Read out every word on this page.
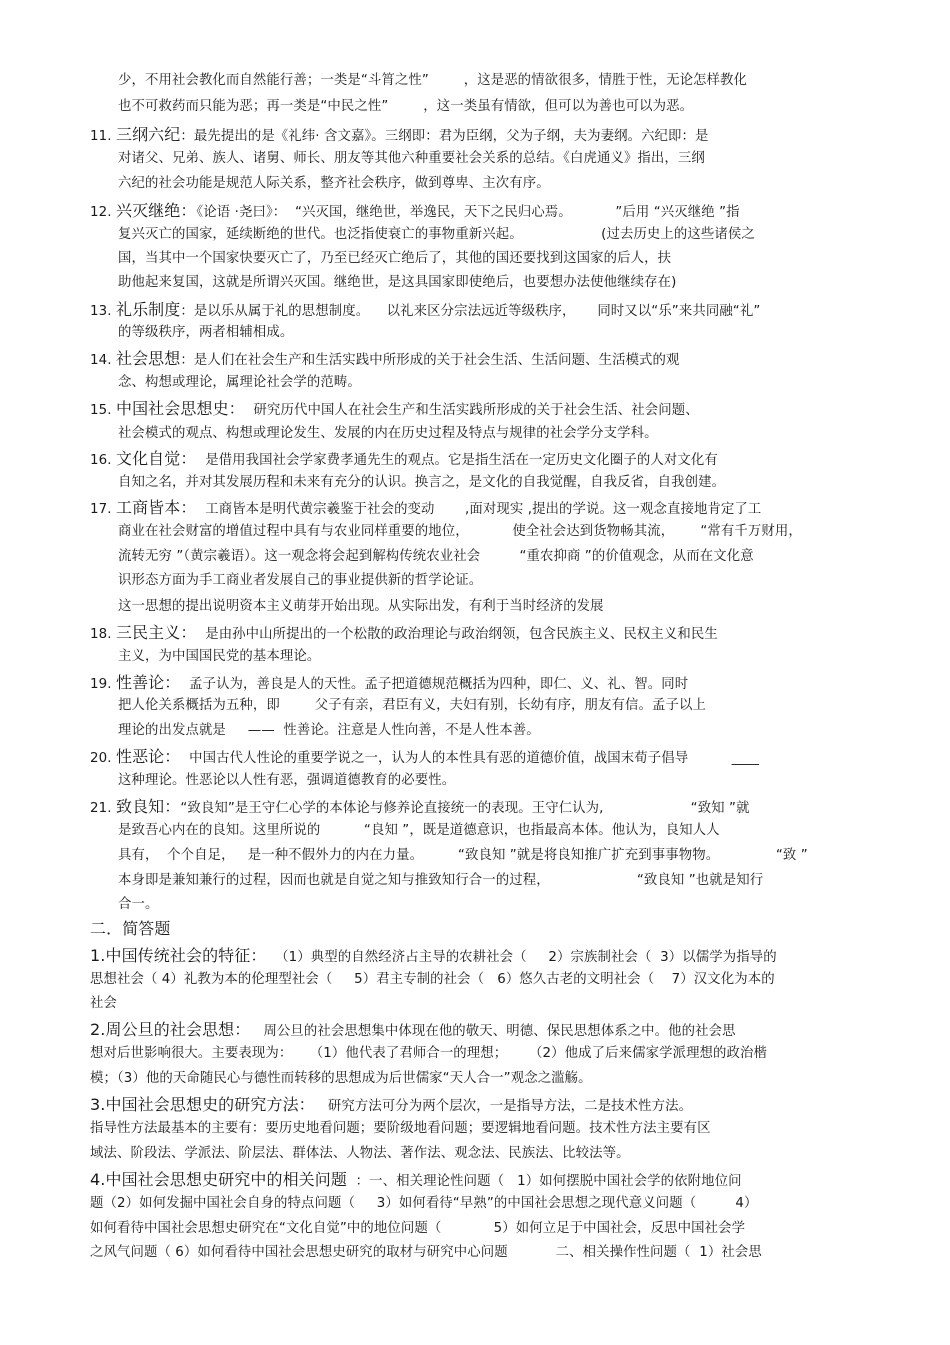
少，不用社会教化而自然能行善；一类是“斗筲之性”        ，这是恶的情欲很多，情胜于性，无论怎样教化
也不可救药而只能为恶；再一类是“中民之性”        ，这一类虽有情欲，但可以为善也可以为恶。
11. 三纲六纪：最先提出的是《礼纬· 含文嘉》。三纲即：君为臣纲，父为子纲，夫为妻纲。六纪即：是
对诸父、兄弟、族人、诸舅、师长、朋友等其他六种重要社会关系的总结。《白虎通义》指出，三纲
六纪的社会功能是规范人际关系，整齐社会秩序，做到尊卑、主次有序。
12. 兴灭继绝：《论语 ·尧曰》：  “兴灭国，继绝世，举逸民，天下之民归心焉。          ”后用 “兴灭继绝 ”指
复兴灭亡的国家，延续断绝的世代。也泛指使衰亡的事物重新兴起。                  (过去历史上的这些诸侯之
国，当其中一个国家快要灭亡了，乃至已经灭亡绝后了，其他的国还要找到这国家的后人，扶
助他起来复国，这就是所谓兴灭国。继绝世，是这具国家即使绝后，也要想办法使他继续存在)
13. 礼乐制度：是以乐从属于礼的思想制度。    以礼来区分宗法远近等级秩序，     同时又以“乐”来共同融“礼”
的等级秩序，两者相辅相成。
14. 社会思想：是人们在社会生产和生活实践中所形成的关于社会生活、生活问题、生活模式的观
念、构想或理论，属理论社会学的范畴。
15. 中国社会思想史：  研究历代中国人在社会生产和生活实践所形成的关于社会生活、社会问题、
社会模式的观点、构想或理论发生、发展的内在历史过程及特点与规律的社会学分支学科。
16. 文化自觉：  是借用我国社会学家费孝通先生的观点。它是指生活在一定历史文化圈子的人对文化有
自知之名，并对其发展历程和未来有充分的认识。换言之，是文化的自我觉醒，自我反省，自我创建。
17. 工商皆本：  工商皆本是明代黄宗羲鉴于社会的变动       ,面对现实 ,提出的学说。这一观念直接地肯定了工
商业在社会财富的增值过程中具有与农业同样重要的地位，          使全社会达到货物畅其流，      “常有千万财用，
流转无穷 ”（黄宗羲语）。这一观念将会起到解构传统农业社会         “重农抑商 ”的价值观念，从而在文化意
识形态方面为手工商业者发展自己的事业提供新的哲学论证。
这一思想的提出说明资本主义萌芽开始出现。从实际出发，有利于当时经济的发展
18. 三民主义：  是由孙中山所提出的一个松散的政治理论与政治纲领，包含民族主义、民权主义和民生
主义，为中国国民党的基本理论。
19. 性善论：  孟子认为，善良是人的天性。孟子把道德规范概括为四种，即仁、义、礼、智。同时
把人伦关系概括为五种，即        父子有亲，君臣有义，夫妇有别，长幼有序，朋友有信。孟子以上
理论的出发点就是     ——  性善论。注意是人性向善，不是人性本善。
20. 性恶论：  中国古代人性论的重要学说之一，认为人的本性具有恶的道德价值，战国末荀子倡导          ____
这种理论。性恶论以人性有恶，强调道德教育的必要性。
21. 致良知：“致良知”是王守仁心学的本体论与修养论直接统一的表现。王守仁认为,                    “致知 ”就
是致吾心内在的良知。这里所说的          “良知 ”，既是道德意识，也指最高本体。他认为，良知人人
具有，  个个自足，   是一种不假外力的内在力量。        “致良知 ”就是将良知推广扩充到事事物物。             “致 ”
本身即是兼知兼行的过程，因而也就是自觉之知与推致知行合一的过程，                    “致良知 ”也就是知行
合一。
二．简答题
1.中国传统社会的特征：  （1）典型的自然经济占主导的农耕社会（     2）宗族制社会（  3）以儒学为指导的
思想社会（ 4）礼教为本的伦理型社会（     5）君主专制的社会（   6）悠久古老的文明社会（    7）汉文化为本的
社会
2.周公旦的社会思想：   周公旦的社会思想集中体现在他的敬天、明德、保民思想体系之中。他的社会思
想对后世影响很大。主要表现为：    （1）他代表了君师合一的理想；     （2）他成了后来儒家学派理想的政治楷
模；（3）他的天命随民心与德性而转移的思想成为后世儒家“天人合一”观念之滥觞。
3.中国社会思想史的研究方法：   研究方法可分为两个层次，一是指导方法，二是技术性方法。
指导性方法最基本的主要有：要历史地看问题；要阶级地看问题；要逻辑地看问题。技术性方法主要有区
域法、阶段法、学派法、阶层法、群体法、人物法、著作法、观念法、民族法、比较法等。
4.中国社会思想史研究中的相关问题  ：一、相关理论性问题（   1）如何摆脱中国社会学的依附地位问
题（2）如何发掘中国社会自身的特点问题（     3）如何看待“早熟”的中国社会思想之现代意义问题（         4）
如何看待中国社会思想史研究在“文化自觉”中的地位问题（            5）如何立足于中国社会，反思中国社会学
之风气问题（ 6）如何看待中国社会思想史研究的取材与研究中心问题           二、相关操作性问题（  1）社会思
